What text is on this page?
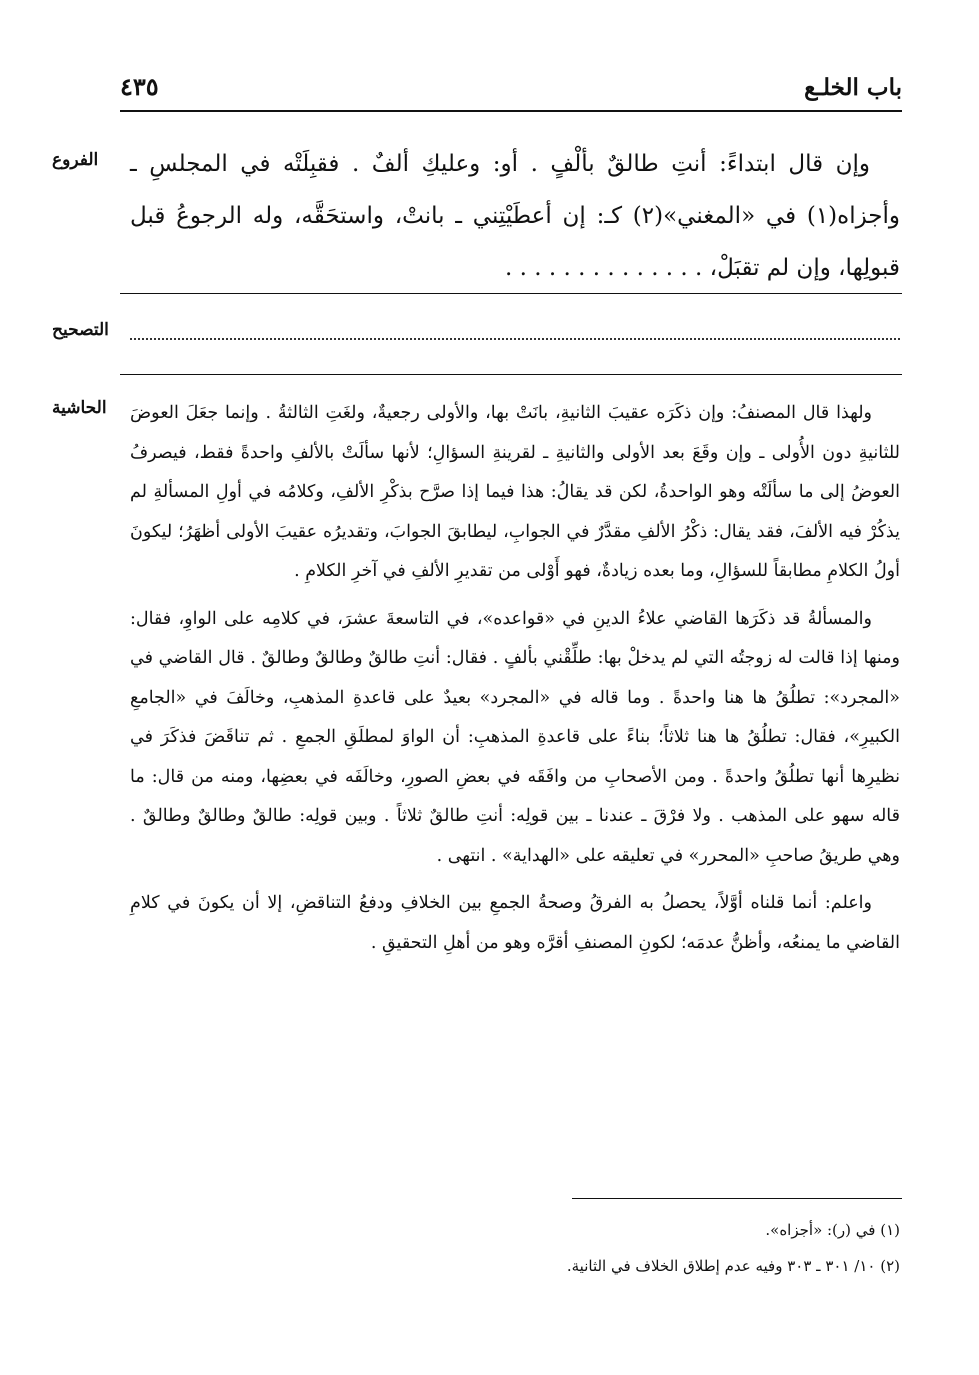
باب الخلـع
٤٣٥
الفروع	وإن قال ابتداءً: أنتِ طالقٌ بألْفٍ . أو: وعليكِ ألفٌ . فقبِلَتْه في المجلسِ ـ وأجزاه(١) في «المغني»(٢) كـ: إن أعطَيْتِني ـ بانتْ، واستحَقَّه، وله الرجوعُ قبل قبولِها، وإن لم تقبَلْ، . . . . . . . . . . . . . .

التصحيح
الحاشية	ولهذا قال المصنفُ: وإن ذكَرَه عقيبَ الثانيةِ، بانَتْ بها، والأولى رجعيةٌ، ولغَتِ الثالثةُ . وإنما جعَلَ العوضَ للثانيةِ دون الأُولى ـ وإن وقَعَ بعد الأولى والثانيةِ ـ لقرينةِ السؤالِ؛ لأنها سألَتْ بالألفِ واحدةً فقط، فيصرفُ العوضُ إلى ما سألَتْه وهو الواحدةُ، لكن قد يقالُ: هذا فيما إذا صرَّح بذكْرِ الألفِ، وكلامُه في أولِ المسألةِ لم يذكُرْ فيه الألفَ، فقد يقال: ذكْرُ الألفِ مقدَّرٌ في الجوابِ، ليطابقَ الجوابَ، وتقديرُه عقيبَ الأولى أظهَرُ؛ ليكونَ أولُ الكلامِ مطابقاً للسؤالِ، وما بعده زيادةٌ، فهو أَوْلى من تقديرِ الألفِ في آخرِ الكلامِ .

والمسألةُ قد ذكَرَها القاضي علاءُ الدينِ في «قواعده»، في التاسعةَ عشرَ، في كلامِه على الواوِ، فقال: ومنها إذا قالت له زوجتُه التي لم يدخلْ بها: طلِّقْني بألفٍ . فقال: أنتِ طالقٌ وطالقٌ وطالقٌ . قال القاضي في «المجرد»: تطلُقُ ها هنا واحدةً . وما قاله في «المجرد» بعيدٌ على قاعدةِ المذهبِ، وخالَفَ في «الجامعِ الكبيرِ»، فقال: تطلُقُ ها هنا ثلاثاً؛ بناءً على قاعدةِ المذهبِ: أن الواوَ لمطلَقِ الجمعِ . ثم تناقَضَ فذكَرَ في نظيرِها أنها تطلُقُ واحدةً . ومن الأصحابِ من وافَقَه في بعضِ الصورِ، وخالَفَه في بعضِها، ومنه من قال: ما قاله سهو على المذهب . ولا فرْقَ ـ عندنا ـ بين قولِه: أنتِ طالقٌ ثلاثاً . وبين قولِه: طالقٌ وطالقٌ وطالقٌ . وهي طريقُ صاحبِ «المحرر» في تعليقه على «الهداية» . انتهى .

واعلم: أنما قلناه أوَّلاً، يحصلُ به الفرقُ وصحةُ الجمعِ بين الخلافِ ودفعُ التناقضِ، إلا أن يكونَ في كلامِ القاضي ما يمنعُه، وأظنُّ عدمَه؛ لكونِ المصنفِ أقرَّه وهو من أهلِ التحقيقِ .

(١) في (ر): «أجزاه».
(٢) ١٠/ ٣٠١ ـ ٣٠٣ وفيه عدم إطلاق الخلاف في الثانية.
